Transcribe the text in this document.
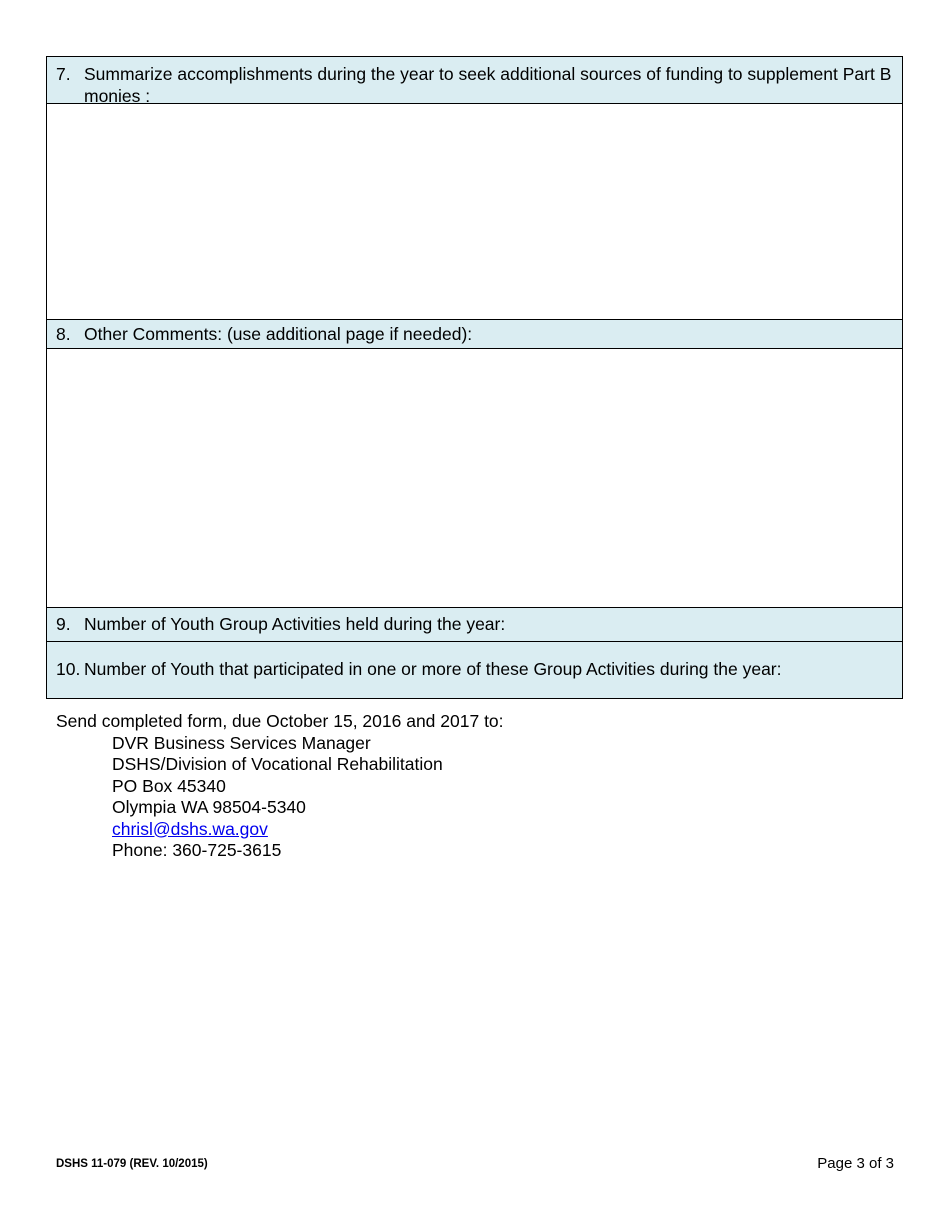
7. Summarize accomplishments during the year to seek additional sources of funding to supplement Part B monies :

8. Other Comments: (use additional page if needed):

9. Number of Youth Group Activities held during the year:

10. Number of Youth that participated in one or more of these Group Activities during the year:
Send completed form, due October 15, 2016 and 2017 to:
DVR Business Services Manager
DSHS/Division of Vocational Rehabilitation
PO Box 45340
Olympia WA 98504-5340
chrisl@dshs.wa.gov
Phone: 360-725-3615
DSHS 11-079 (REV. 10/2015)	Page 3 of 3
